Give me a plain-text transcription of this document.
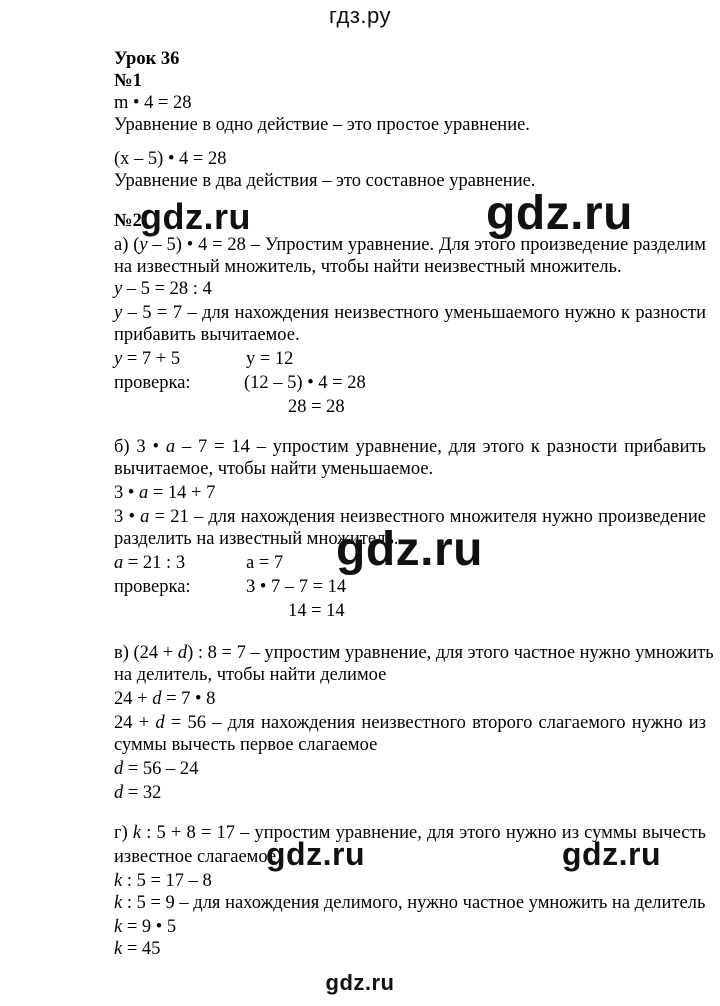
гдз.ру
Урок 36
№1
m • 4 = 28
Уравнение в одно действие – это простое уравнение.
(x – 5) • 4 = 28
Уравнение в два действия – это составное уравнение.
№2
gdz.ru	gdz.ru
а) (y – 5) • 4 = 28 – Упростим уравнение. Для этого произведение разделим
на известный множитель, чтобы найти неизвестный множитель.
y – 5 = 28 : 4
y – 5 = 7 – для нахождения неизвестного уменьшаемого нужно к разности
прибавить вычитаемое.
y = 7 + 5	y = 12
проверка:	(12 – 5) • 4 = 28
28 = 28
б) 3 • a – 7 = 14 – упростим уравнение, для этого к разности прибавить
вычитаемое, чтобы найти уменьшаемое.
3 • a = 14 + 7
3 • a = 21 – для нахождения неизвестного множителя нужно произведение
разделить на известный множитель.
a = 21 : 3	a = 7
проверка:	3 • 7 – 7 = 14
14 = 14
gdz.ru
в) (24 + d) : 8 = 7 – упростим уравнение, для этого частное нужно умножить
на делитель, чтобы найти делимое
24 + d = 7 • 8
24 + d = 56 – для нахождения неизвестного второго слагаемого нужно из
суммы вычесть первое слагаемое
d = 56 – 24
d = 32
г) k : 5 + 8 = 17 – упростим уравнение, для этого нужно из суммы вычесть
известное слагаемое
k : 5 = 17 – 8
k : 5 = 9 – для нахождения делимого, нужно частное умножить на делитель
k = 9 • 5
k = 45
gdz.ru	gdz.ru
gdz.ru
